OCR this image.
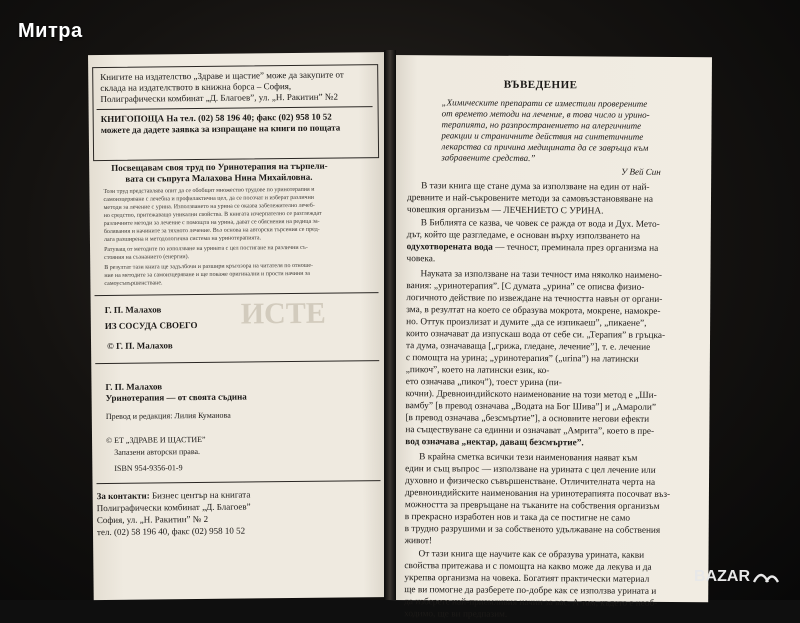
Книгите на издателство „Здраве и щастие” може да закупите от
склада на издателството в книжна борса – София,
Полиграфически комбинат „Д. Благоев”, ул. „Н. Ракитин” №2
КНИГОПОЩА На тел. (02) 58 196 40; факс (02) 958 10 52
можете да дадете заявка за изпращане на книги по пощата
Посвещавам своя труд по Уринотерапия на търпели-
вата си съпруга Малахова Нина Михайловна.
Този труд представлява опит да се обобщят множество трудове по уринотерапия и
самоизцеряване с лечебна и профилактична цел, да се посочат и изберат различни
методи за лечение с урина. Използването на урина се оказва забележително лечеб-
но средство, притежаващо уникални свойства. В книгата изчерпателно се разглеждат
различните методи за лечение с помощта на урина, дават се обяснения на редица за-
болявания и начините за тяхното лечение. Въз основа на авторски търсения се пред-
лага разширена и методологична система на уринотерапията.
Ратуващ от методите по използване на урината с цел постигане на различни съ-
стояния на съзнанието (енергии).
В резултат тази книга ще задълбочи и разшири кръгозора на читателя по отноше-
ние на методите за самоизцеряване и ще покаже оригинални и прости начини за
самоусъвършенстване.
ИСТЕ
Г. П. Малахов
ИЗ СОСУДА СВОЕГО
© Г. П. Малахов
Г. П. Малахов
Уринотерапия — от своята съдина
Превод и редакция: Лилия Куманова
© ЕТ „ЗДРАВЕ И ЩАСТИЕ”
Запазени авторски права.
ISBN 954-9356-01-9
За контакти: Бизнес център на книгата
Полиграфически комбинат „Д. Благоев”
София, ул. „Н. Ракитин” № 2
тел. (02) 58 196 40, факс (02) 958 10 52
ВЪВЕДЕНИЕ
„Химическите препарати се изместили проверените
от времето методи на лечение, в това число и урино-
терапията, но разпространението на алергичните
реакции и страничните действия на синтетичните
лекарства са причина медицината да се завръща към
забравените средства.”
У Вей Син
В тази книга ще стане дума за използване на един от най-
древните и най-съкровените методи за самовъзстановяване на
човешкия организъм — ЛЕЧЕНИЕТО С УРИНА.
В Библията се казва, че човек се ражда от вода и Дух. Мето-
дът, който ще разгледаме, е основан върху използването на
одухотворената вода — течност, преминала през организма на
човека.
Науката за използване на тази течност има няколко наимено-
вания: „уринотерапия”. [С думата „урина” се описва физио-
логичното действие по извеждане на течността навън от органи-
зма, в резултат на което се образува мокрота, мокрене, намокре-
но. Оттук произлизат и думите „да се изпикаеш”, „пикаене”,
които означават да изпускаш вода от себе си. „Терапия” в гръцка-
та дума, означаваща [„грижа, гледане, лечение”], т. е. лечение
с помощта на урина; „уринотерапия” („urina”) на латински
„пикоч”, което на латински език, ко-
ето означава „пикоч”), тоест урина (пи-
кочни). Древноиндийското наименование на този метод е „Ши-
вамбу” [в превод означава „Водата на Бог Шива”] и „Амароли”
[в превод означава „безсмъртие”], а основните негови ефекти
на съществуване са единни и означават „Амрита”, което в пре-
вод означава „нектар, даващ безсмъртие”.
В крайна сметка всички тези наименования наяват към
един и същ въпрос — използване на урината с цел лечение или
духовно и физическо съвършенстване. Отличителната черта на
древноиндийските наименования на уринотерапията посочват въз-
можността за превръщане на тъканите на собствения организъм
в прекрасно изработен нов и така да се постигне не само
в трудно разрушими и за собственото удължаване на собствения
живот!
От тази книга ще научите как се образува урината, какви
свойства притежава и с помощта на какво може да лекува и да
укрепва организма на човека. Богатият практически материал
ще ви помогне да разберете по-добре как се използва урината и
да изберете най-приемливия начин за вас. А там, където е необ-
ходимо, ще ви предпазим.
Митра
BAZAR
